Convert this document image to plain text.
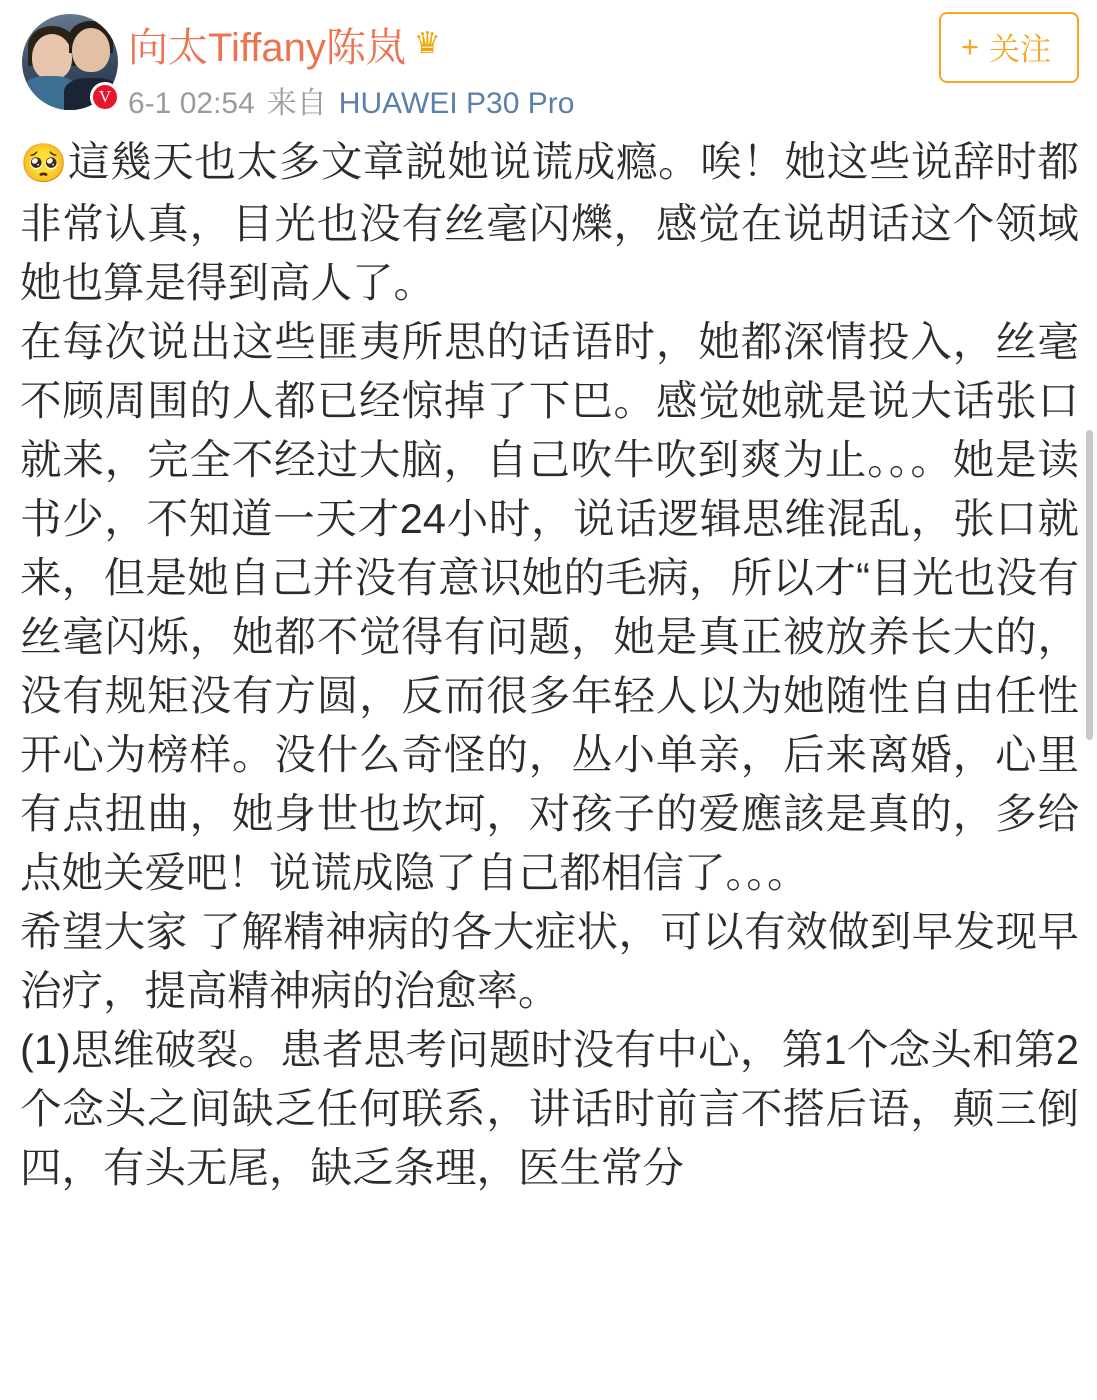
V
向太Tiffany陈岚 ♛
6-1 02:54 来自 HUAWEI P30 Pro
+ 关注

🥺這幾天也太多文章説她说谎成瘾。唉！她这些说辞时都非常认真，目光也没有丝毫闪爍，感觉在说胡话这个领域她也算是得到高人了。

在每次说出这些匪夷所思的话语时，她都深情投入，丝毫不顾周围的人都已经惊掉了下巴。感觉她就是说大话张口就来，完全不经过大脑，自己吹牛吹到爽为止。。。她是读书少，不知道一天才24小时，说话逻辑思维混乱，张口就来，但是她自己并没有意识她的毛病，所以才“目光也没有丝毫闪烁，她都不觉得有问题，她是真正被放养长大的，没有规矩没有方圆，反而很多年轻人以为她随性自由任性开心为榜样。没什么奇怪的，丛小单亲，后来离婚，心里有点扭曲，她身世也坎坷，对孩子的爱應該是真的，多给点她关爱吧！说谎成隐了自己都相信了。。。

希望大家 了解精神病的各大症状，可以有效做到早发现早治疗，提高精神病的治愈率。

(1)思维破裂。患者思考问题时没有中心，第1个念头和第2个念头之间缺乏任何联系，讲话时前言不搭后语，颠三倒四，有头无尾，缺乏条理，医生常分
